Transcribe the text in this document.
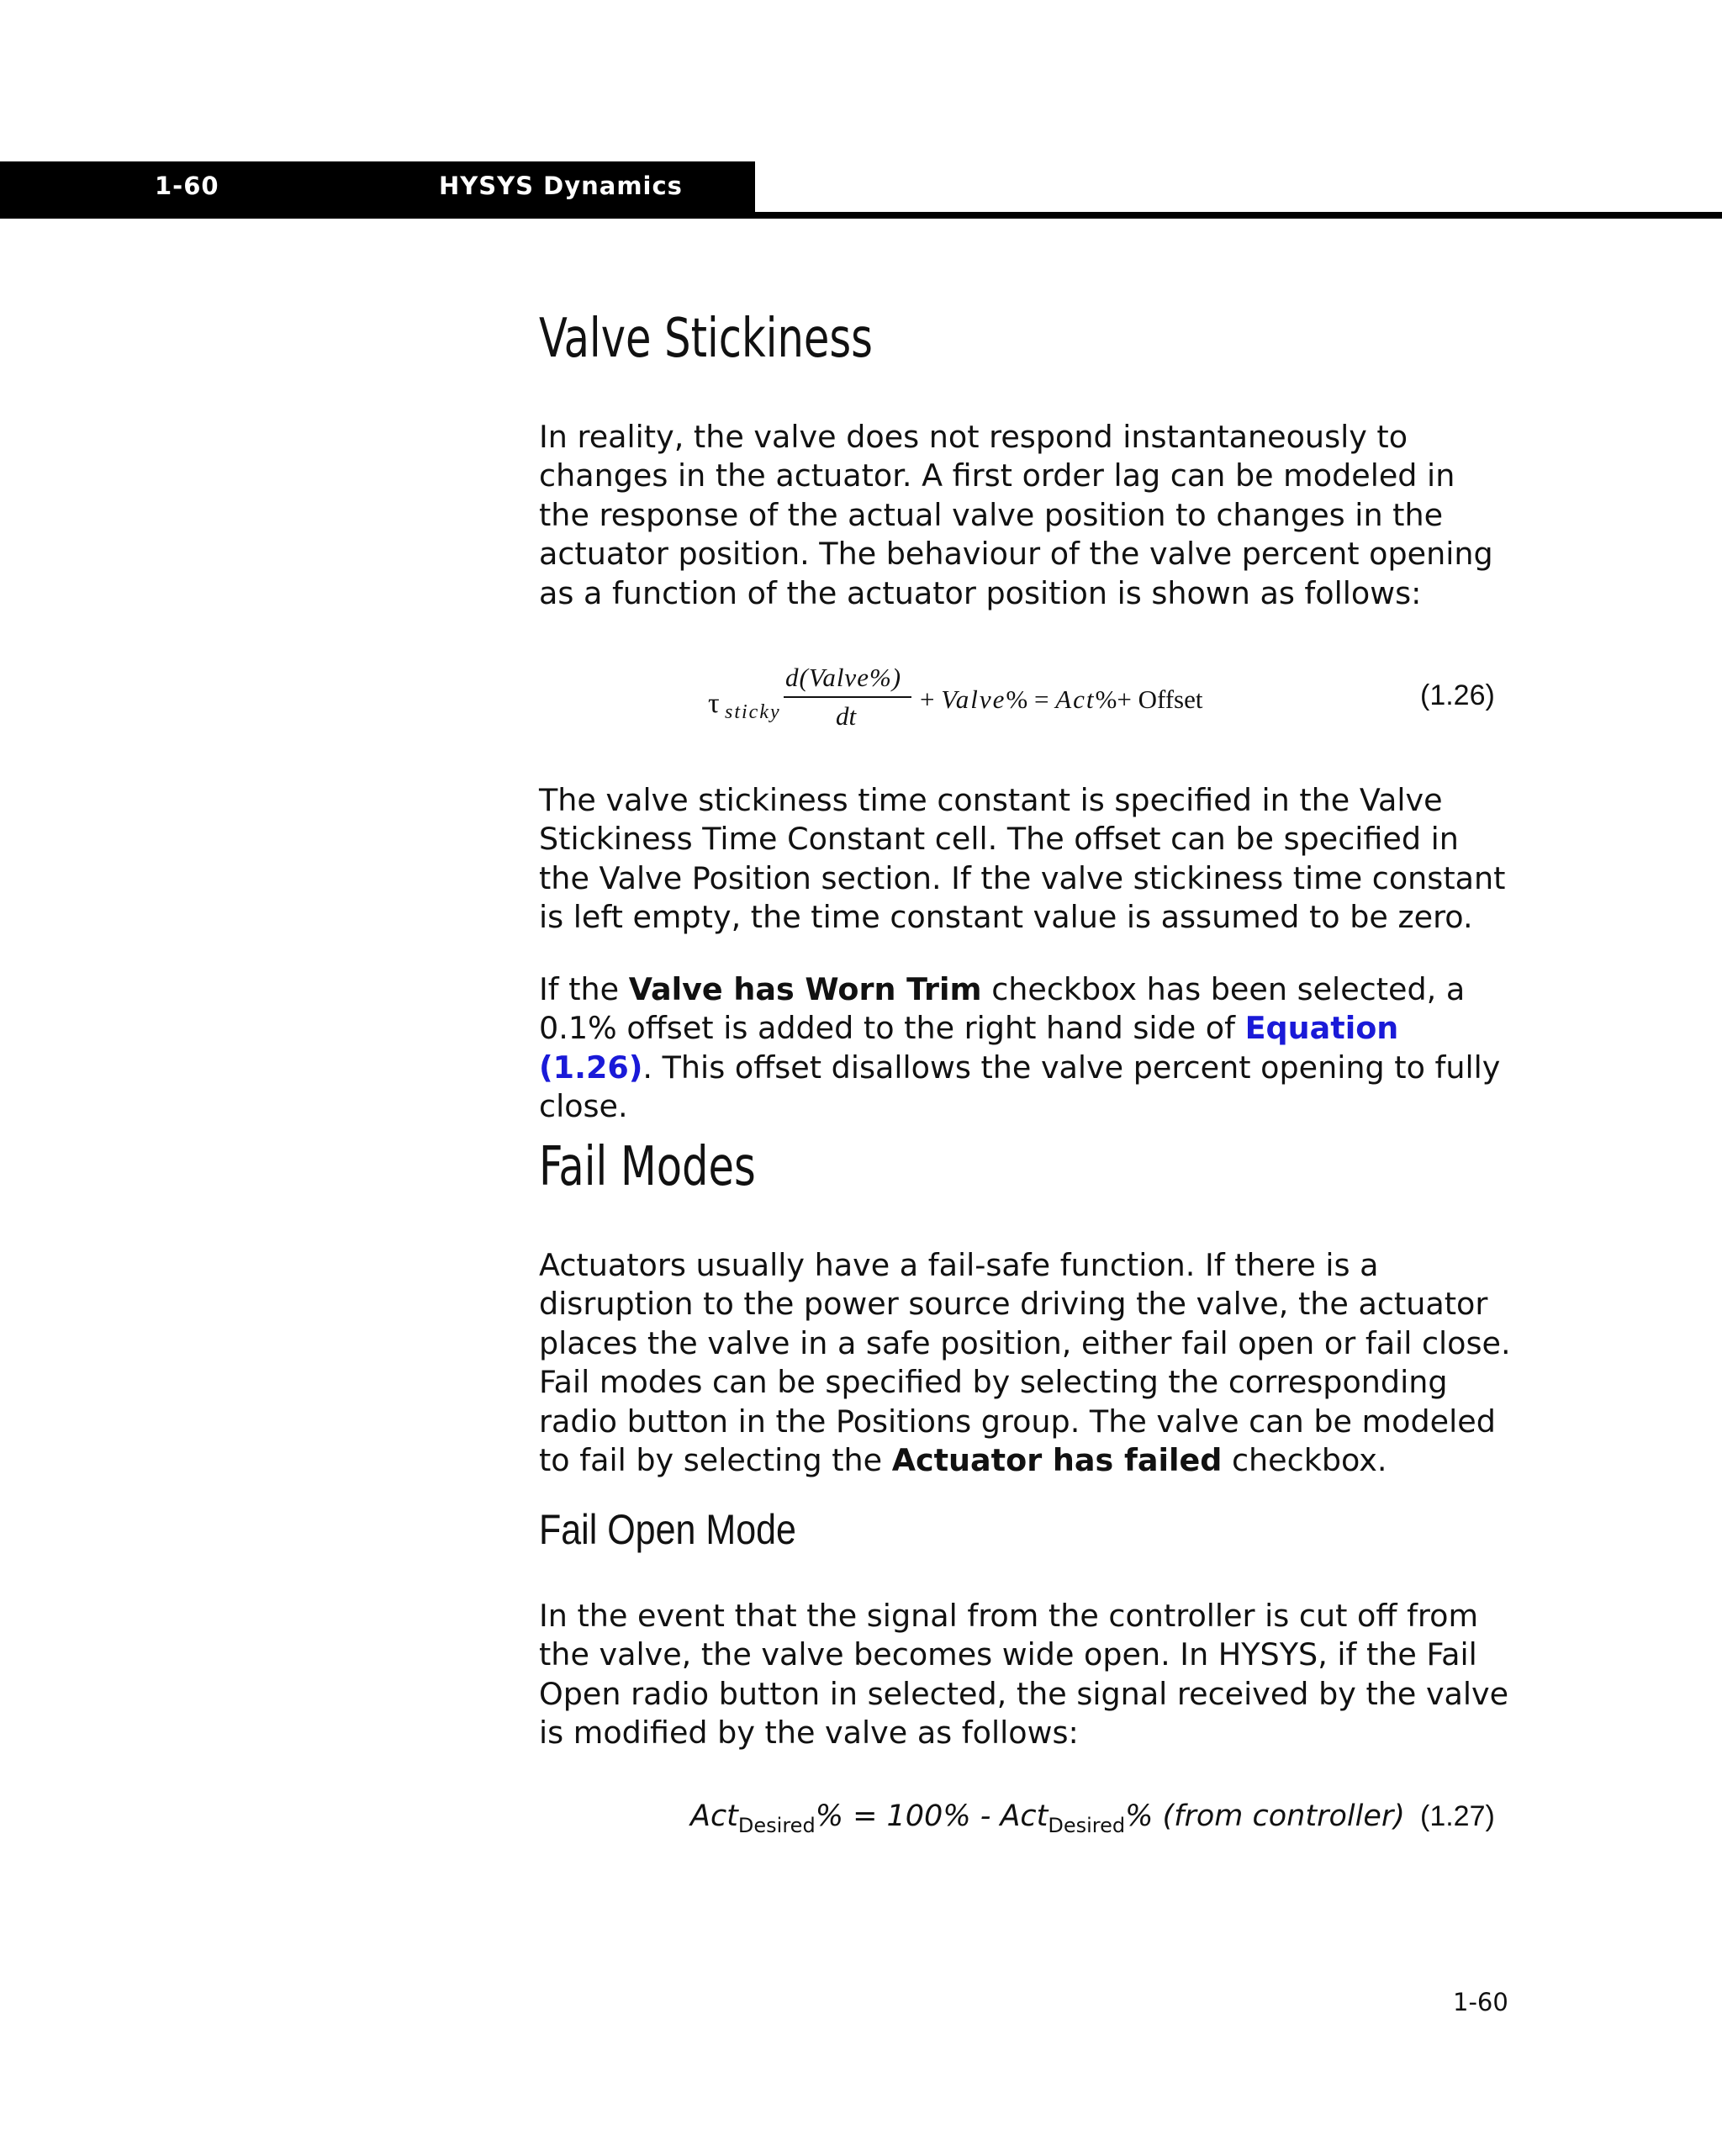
1-60	HYSYS Dynamics
Valve Stickiness

In reality, the valve does not respond instantaneously to changes in the actuator. A first order lag can be modeled in the response of the actual valve position to changes in the actuator position. The behaviour of the valve percent opening as a function of the actuator position is shown as follows:

τ sticky
d(Valve%)
dt
+ Valve% = Act%+ Offset	(1.26)

The valve stickiness time constant is specified in the Valve Stickiness Time Constant cell. The offset can be specified in the Valve Position section. If the valve stickiness time constant is left empty, the time constant value is assumed to be zero.

If the Valve has Worn Trim checkbox has been selected, a 0.1% offset is added to the right hand side of Equation (1.26). This offset disallows the valve percent opening to fully close.

Fail Modes

Actuators usually have a fail-safe function. If there is a disruption to the power source driving the valve, the actuator places the valve in a safe position, either fail open or fail close. Fail modes can be specified by selecting the corresponding radio button in the Positions group. The valve can be modeled to fail by selecting the Actuator has failed checkbox.

Fail Open Mode

In the event that the signal from the controller is cut off from the valve, the valve becomes wide open. In HYSYS, if the Fail Open radio button in selected, the signal received by the valve is modified by the valve as follows:

Act$_{Desired}$% = 100% - Act$_{Desired}$% (from controller) (1.27)
1-60
